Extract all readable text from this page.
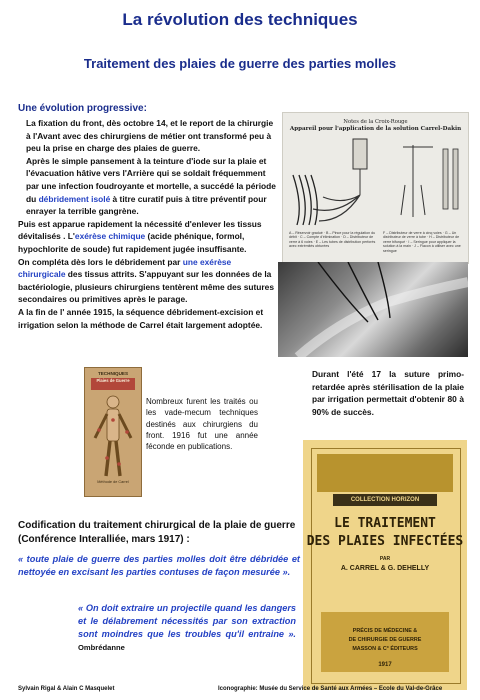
La révolution des techniques
Traitement des plaies de guerre des parties molles
Une évolution progressive:

La fixation du front, dès octobre 14, et le report de la chirurgie à l'Avant avec des chirurgiens de métier ont transformé peu à peu la prise en charge des plaies de guerre.

Après le simple pansement à la teinture d'iode sur la plaie et l'évacuation hâtive vers l'Arrière qui se soldait fréquemment par une infection foudroyante et mortelle, a succédé la période du débridement isolé à titre curatif puis à titre préventif pour enrayer la terrible gangrène.

Puis est apparue rapidement la nécessité d'enlever les tissus dévitalisés . L'exérèse chimique (acide phénique, formol, hypochlorite de soude) fut rapidement jugée insuffisante.

On compléta dès lors le débridement par une exérèse chirurgicale des tissus attrits. S'appuyant sur les données de la bactériologie, plusieurs chirurgiens tentèrent même des sutures secondaires ou primitives après le parage.

A la fin de l' année 1915, la séquence débridement-excision et irrigation selon la méthode de Carrel était largement adoptée.

Notes de la Croix-Rouge
Appareil pour l'application de la solution Carrel-Dakin
A – Réservoir gradué · B – Pince pour la régulation du débit · C – Compte d'élimination · D – Distributeur de verre à 6 voies · E – Les tubes de distribution perforés avec extrémités obturées
F – Distributeur de verre à cinq voies · G – Un distributeur de verre à tube · H – Distributeur de verre bifurqué · I – Seringue pour appliquer la solution à la main · J – Flacon à utiliser avec une seringue
TECHNIQUES
Plaies de Guerre
Méthode de Carrel
Nombreux furent les traités ou les vade-mecum techniques destinés aux chirurgiens du front. 1916 fut une année féconde en publications.
Durant l'été 17 la suture primo-retardée après stérilisation de la plaie par irrigation permettait d'obtenir 80 à 90% de succès.
COLLECTION HORIZON
LE TRAITEMENT
DES PLAIES INFECTÉES
PAR
A. CARREL & G. DEHELLY
PRÉCIS DE MÉDECINE &
DE CHIRURGIE DE GUERRE
MASSON & C° ÉDITEURS
1917
Codification du traitement chirurgical de la plaie de guerre (Conférence Interalliée, mars 1917) :
« toute plaie de guerre des parties molles doit être débridée et nettoyée en excisant les parties contuses de façon mesurée ».
« On doit extraire un projectile quand les dangers et le délabrement nécessités par son extraction sont moindres que les troubles qu'il entraine ». Ombrédanne
Sylvain Rigal & Alain C Masquelet	Iconographie: Musée du Service de Santé aux Armées – Ecole du Val-de-Grâce
